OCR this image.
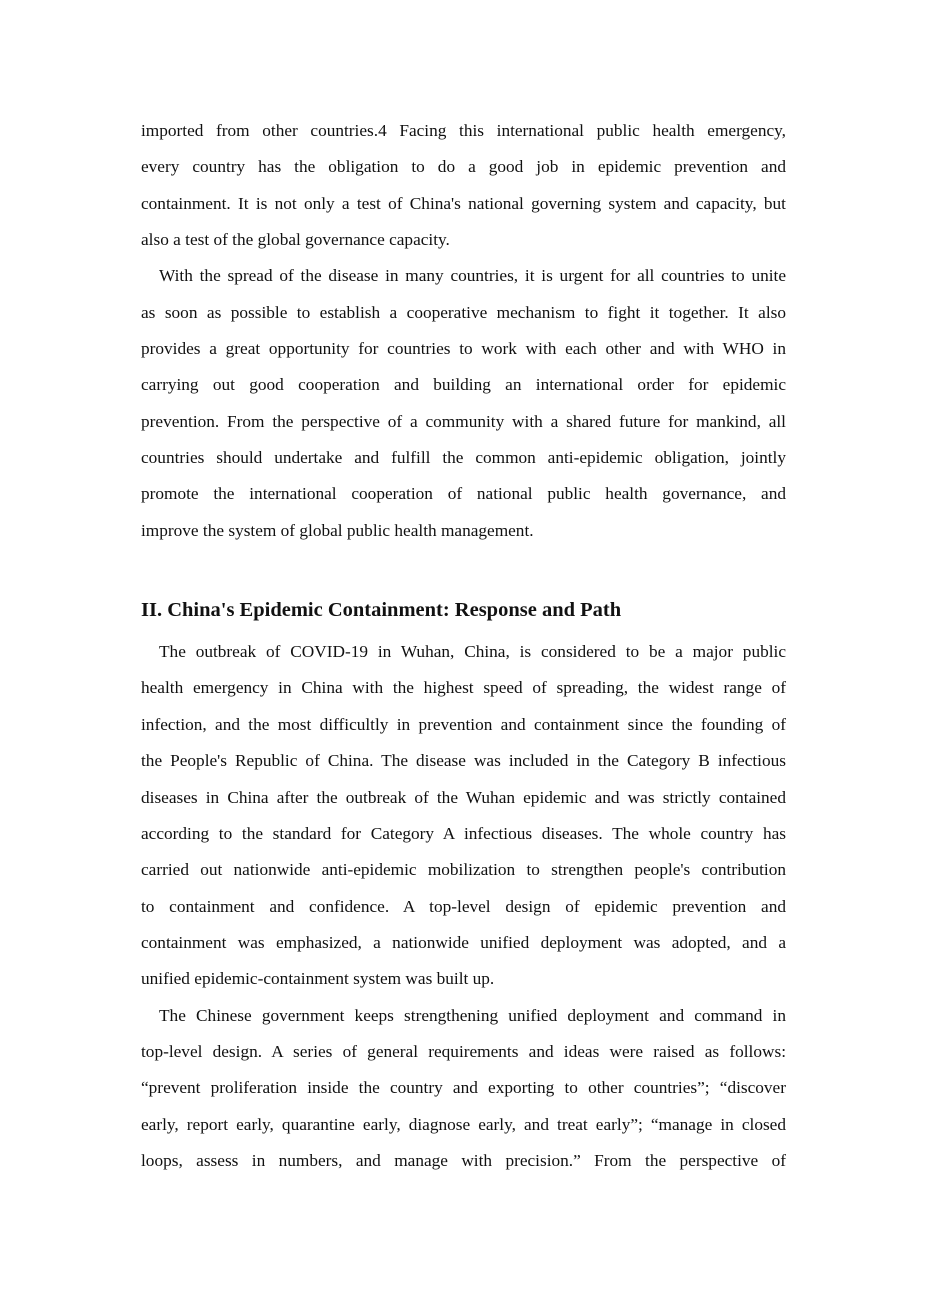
imported from other countries.4 Facing this international public health emergency,
every country has the obligation to do a good job in epidemic prevention and
containment. It is not only a test of China's national governing system and capacity, but
also a test of the global governance capacity.
With the spread of the disease in many countries, it is urgent for all countries to unite
as soon as possible to establish a cooperative mechanism to fight it together. It also
provides a great opportunity for countries to work with each other and with WHO in
carrying out good cooperation and building an international order for epidemic
prevention. From the perspective of a community with a shared future for mankind, all
countries should undertake and fulfill the common anti-epidemic obligation, jointly
promote the international cooperation of national public health governance, and
improve the system of global public health management.
II. China's Epidemic Containment: Response and Path
The outbreak of COVID-19 in Wuhan, China, is considered to be a major public
health emergency in China with the highest speed of spreading, the widest range of
infection, and the most difficultly in prevention and containment since the founding of
the People's Republic of China. The disease was included in the Category B infectious
diseases in China after the outbreak of the Wuhan epidemic and was strictly contained
according to the standard for Category A infectious diseases. The whole country has
carried out nationwide anti-epidemic mobilization to strengthen people's contribution
to containment and confidence. A top-level design of epidemic prevention and
containment was emphasized, a nationwide unified deployment was adopted, and a
unified epidemic-containment system was built up.
The Chinese government keeps strengthening unified deployment and command in
top-level design. A series of general requirements and ideas were raised as follows:
“prevent proliferation inside the country and exporting to other countries”; “discover
early, report early, quarantine early, diagnose early, and treat early”; “manage in closed
loops, assess in numbers, and manage with precision.” From the perspective of
